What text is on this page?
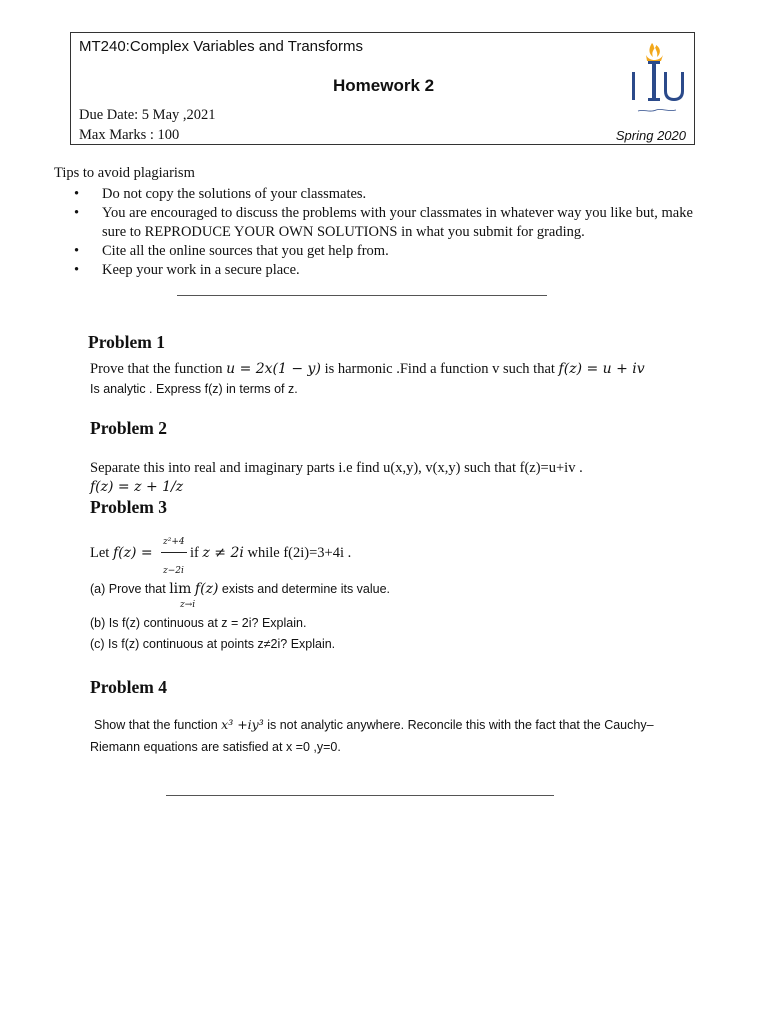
MT240:Complex Variables and Transforms
Homework 2
Due Date: 5 May ,2021
Max Marks : 100	Spring 2020
Tips to avoid plagiarism
• Do not copy the solutions of your classmates.
• You are encouraged to discuss the problems with your classmates in whatever way you like but, make sure to REPRODUCE YOUR OWN SOLUTIONS in what you submit for grading.
• Cite all the online sources that you get help from.
• Keep your work in a secure place.
Problem 1
Prove that the function u = 2x(1 − y) is harmonic .Find a function v such that f(z) = u + iv
Is analytic . Express f(z) in terms of z.
Problem 2
Separate this into real and imaginary parts i.e find u(x,y), v(x,y) such that f(z)=u+iv .
f(z) = z + 1/z
Problem 3
Let f(z) =
z²+4
z−2i
if z ≠ 2i while f(2i)=3+4i .
(a) Prove that lim f(z) exists and determine its value.
z→i
(b) Is f(z) continuous at z = 2i? Explain.
(c) Is f(z) continuous at points z≠2i? Explain.
Problem 4
Show that the function x³ +iy³ is not analytic anywhere. Reconcile this with the fact that the Cauchy–
Riemann equations are satisfied at x =0 ,y=0.
